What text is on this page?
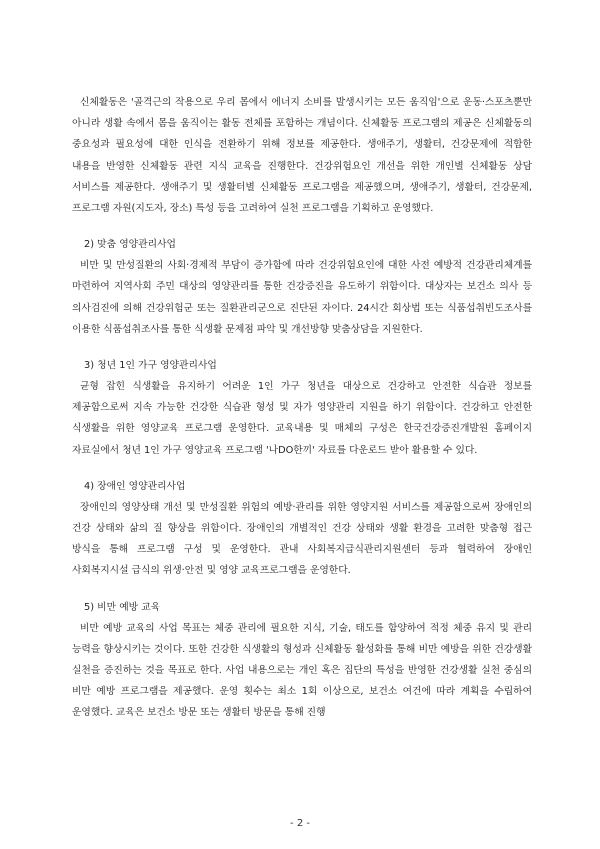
신체활동은 '골격근의 작용으로 우리 몸에서 에너지 소비를 발생시키는 모든 움직임'으로 운동·스포츠뿐만 아니라 생활 속에서 몸을 움직이는 활동 전체를 포함하는 개념이다. 신체활동 프로그램의 제공은 신체활동의 중요성과 필요성에 대한 인식을 전환하기 위해 정보를 제공한다. 생애주기, 생활터, 건강문제에 적합한 내용을 반영한 신체활동 관련 지식 교육을 진행한다. 건강위험요인 개선을 위한 개인별 신체활동 상담 서비스를 제공한다. 생애주기 및 생활터별 신체활동 프로그램을 제공했으며, 생애주기, 생활터, 건강문제, 프로그램 자원(지도자, 장소) 특성 등을 고려하여 실천 프로그램을 기획하고 운영했다.

2) 맞춤 영양관리사업

비만 및 만성질환의 사회·경제적 부담이 증가함에 따라 건강위험요인에 대한 사전 예방적 건강관리체계를 마련하여 지역사회 주민 대상의 영양관리를 통한 건강증진을 유도하기 위함이다. 대상자는 보건소 의사 등 의사검진에 의해 건강위험군 또는 질환관리군으로 진단된 자이다. 24시간 회상법 또는 식품섭취빈도조사를 이용한 식품섭취조사를 통한 식생활 문제점 파악 및 개선방향 맞춤상담을 지원한다.

3) 청년 1인 가구 영양관리사업

균형 잡힌 식생활을 유지하기 어려운 1인 가구 청년을 대상으로 건강하고 안전한 식습관 정보를 제공함으로써 지속 가능한 건강한 식습관 형성 및 자가 영양관리 지원을 하기 위함이다. 건강하고 안전한 식생활을 위한 영양교육 프로그램 운영한다. 교육내용 및 매체의 구성은 한국건강증진개발원 홈페이지 자료실에서 청년 1인 가구 영양교육 프로그램 '나DO한끼' 자료를 다운로드 받아 활용할 수 있다.

4) 장애인 영양관리사업

장애인의 영양상태 개선 및 만성질환 위험의 예방·관리를 위한 영양지원 서비스를 제공함으로써 장애인의 건강 상태와 삶의 질 향상을 위함이다. 장애인의 개별적인 건강 상태와 생활 환경을 고려한 맞춤형 접근 방식을 통해 프로그램 구성 및 운영한다. 관내 사회복지급식관리지원센터 등과 협력하여 장애인 사회복지시설 급식의 위생·안전 및 영양 교육프로그램을 운영한다.

5) 비만 예방 교육

비만 예방 교육의 사업 목표는 체중 관리에 필요한 지식, 기술, 태도를 함양하여 적정 체중 유지 및 관리 능력을 향상시키는 것이다. 또한 건강한 식생활의 형성과 신체활동 활성화를 통해 비만 예방을 위한 건강생활 실천을 증진하는 것을 목표로 한다. 사업 내용으로는 개인 혹은 집단의 특성을 반영한 건강생활 실천 중심의 비만 예방 프로그램을 제공했다. 운영 횟수는 최소 1회 이상으로, 보건소 여건에 따라 계획을 수립하여 운영했다. 교육은 보건소 방문 또는 생활터 방문을 통해 진행

- 2 -
